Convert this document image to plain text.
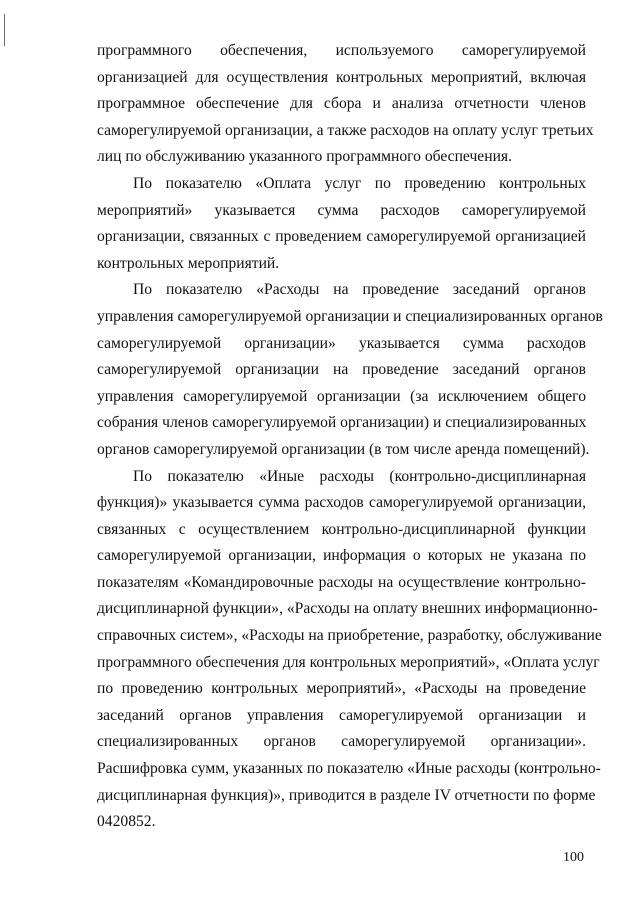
программного обеспечения, используемого саморегулируемой
организацией для осуществления контрольных мероприятий, включая
программное обеспечение для сбора и анализа отчетности членов
саморегулируемой организации, а также расходов на оплату услуг третьих
лиц по обслуживанию указанного программного обеспечения.
По показателю «Оплата услуг по проведению контрольных
мероприятий» указывается сумма расходов саморегулируемой
организации, связанных с проведением саморегулируемой организацией
контрольных мероприятий.
По показателю «Расходы на проведение заседаний органов
управления саморегулируемой организации и специализированных органов
саморегулируемой организации» указывается сумма расходов
саморегулируемой организации на проведение заседаний органов
управления саморегулируемой организации (за исключением общего
собрания членов саморегулируемой организации) и специализированных
органов саморегулируемой организации (в том числе аренда помещений).
По показателю «Иные расходы (контрольно-дисциплинарная
функция)» указывается сумма расходов саморегулируемой организации,
связанных с осуществлением контрольно-дисциплинарной функции
саморегулируемой организации, информация о которых не указана по
показателям «Командировочные расходы на осуществление контрольно-
дисциплинарной функции», «Расходы на оплату внешних информационно-
справочных систем», «Расходы на приобретение, разработку, обслуживание
программного обеспечения для контрольных мероприятий», «Оплата услуг
по проведению контрольных мероприятий», «Расходы на проведение
заседаний органов управления саморегулируемой организации и
специализированных органов саморегулируемой организации».
Расшифровка сумм, указанных по показателю «Иные расходы (контрольно-
дисциплинарная функция)», приводится в разделе IV отчетности по форме
0420852.
100
